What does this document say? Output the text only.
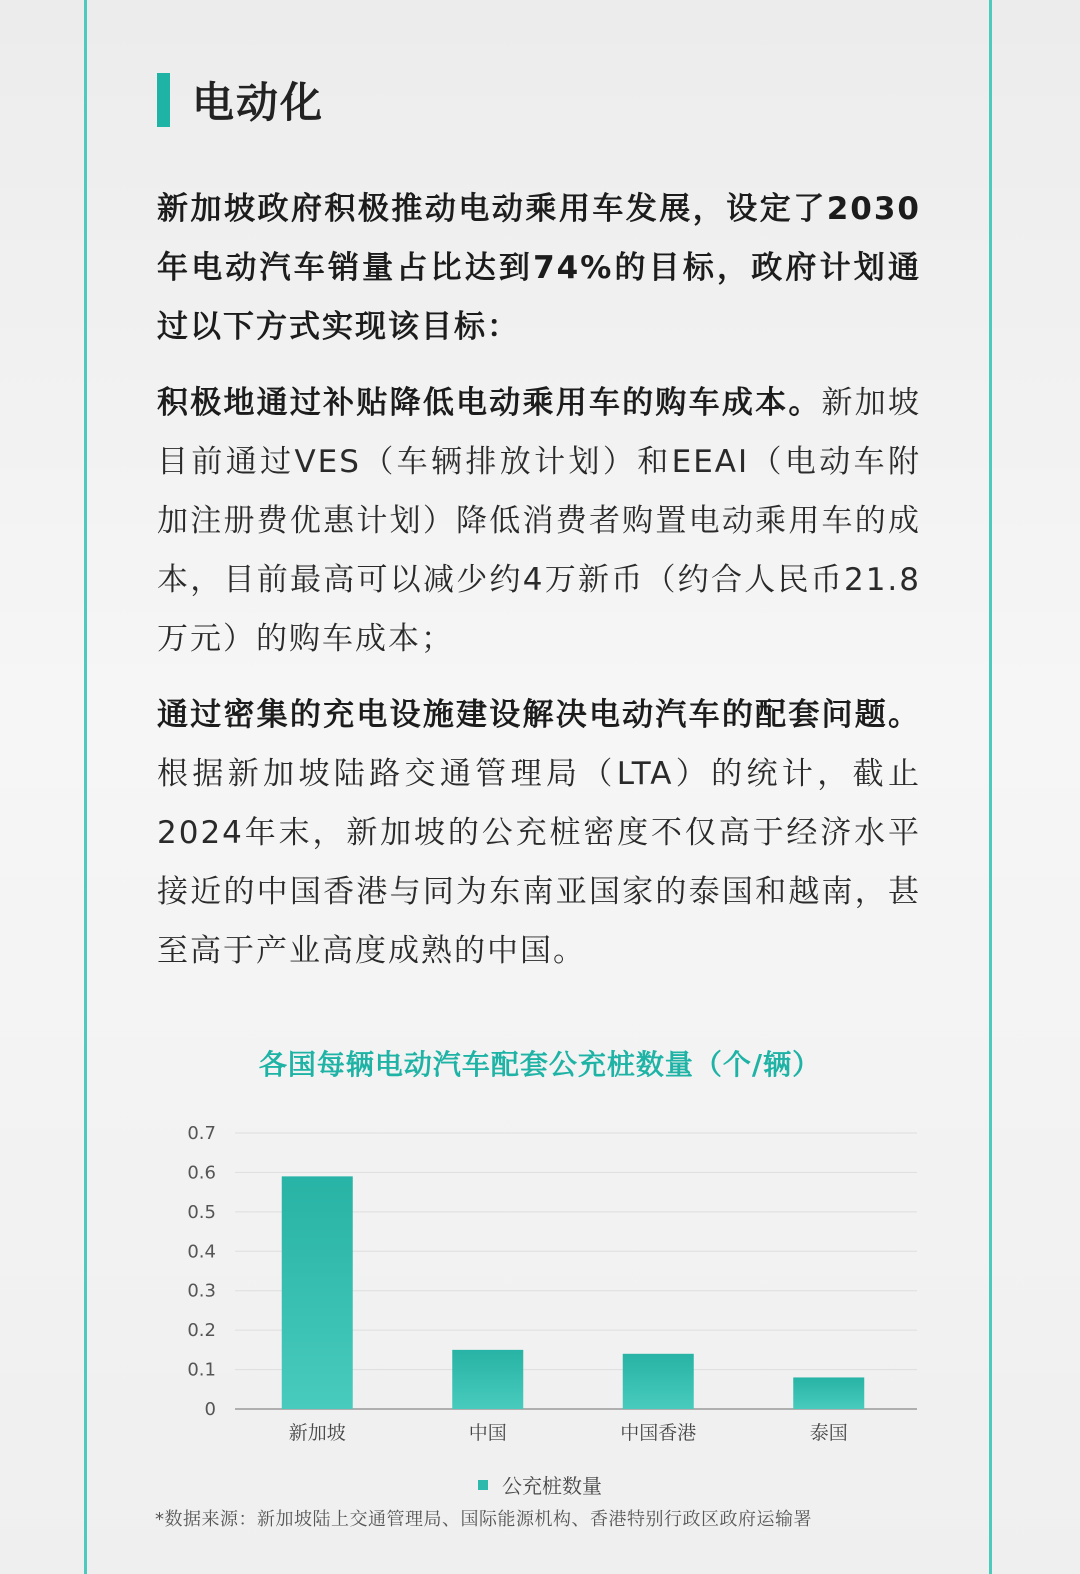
电动化

新加坡政府积极推动电动乘用车发展，设定了2030年电动汽车销量占比达到74%的目标，政府计划通过以下方式实现该目标：

积极地通过补贴降低电动乘用车的购车成本。新加坡目前通过VES（车辆排放计划）和EEAI（电动车附加注册费优惠计划）降低消费者购置电动乘用车的成本，目前最高可以减少约4万新币（约合人民币21.8万元）的购车成本；

通过密集的充电设施建设解决电动汽车的配套问题。根据新加坡陆路交通管理局（LTA）的统计，截止2024年末，新加坡的公充桩密度不仅高于经济水平接近的中国香港与同为东南亚国家的泰国和越南，甚至高于产业高度成熟的中国。

各国每辆电动汽车配套公充桩数量（个/辆）
0
0.1
0.2
0.3
0.4
0.5
0.6
0.7
新加坡	中国	中国香港	泰国
公充桩数量
*数据来源：新加坡陆上交通管理局、国际能源机构、香港特别行政区政府运输署
